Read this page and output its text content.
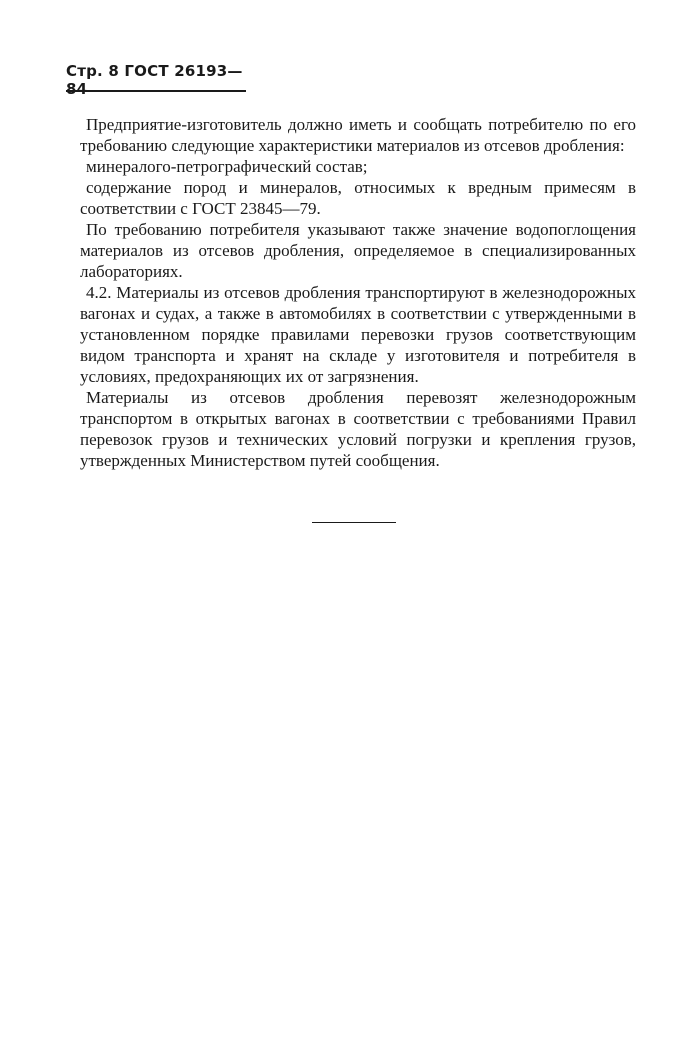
Стр. 8 ГОСТ 26193—84

Предприятие-изготовитель должно иметь и сообщать потребителю по его требованию следующие характеристики материалов из отсевов дробления:

минералого-петрографический состав;

содержание пород и минералов, относимых к вредным примесям в соответствии с ГОСТ 23845—79.

По требованию потребителя указывают также значение водопоглощения материалов из отсевов дробления, определяемое в специализированных лабораториях.

4.2. Материалы из отсевов дробления транспортируют в железнодорожных вагонах и судах, а также в автомобилях в соответствии с утвержденными в установленном порядке правилами перевозки грузов соответствующим видом транспорта и хранят на складе у изготовителя и потребителя в условиях, предохраняющих их от загрязнения.

Материалы из отсевов дробления перевозят железнодорожным транспортом в открытых вагонах в соответствии с требованиями Правил перевозок грузов и технических условий погрузки и крепления грузов, утвержденных Министерством путей сообщения.
